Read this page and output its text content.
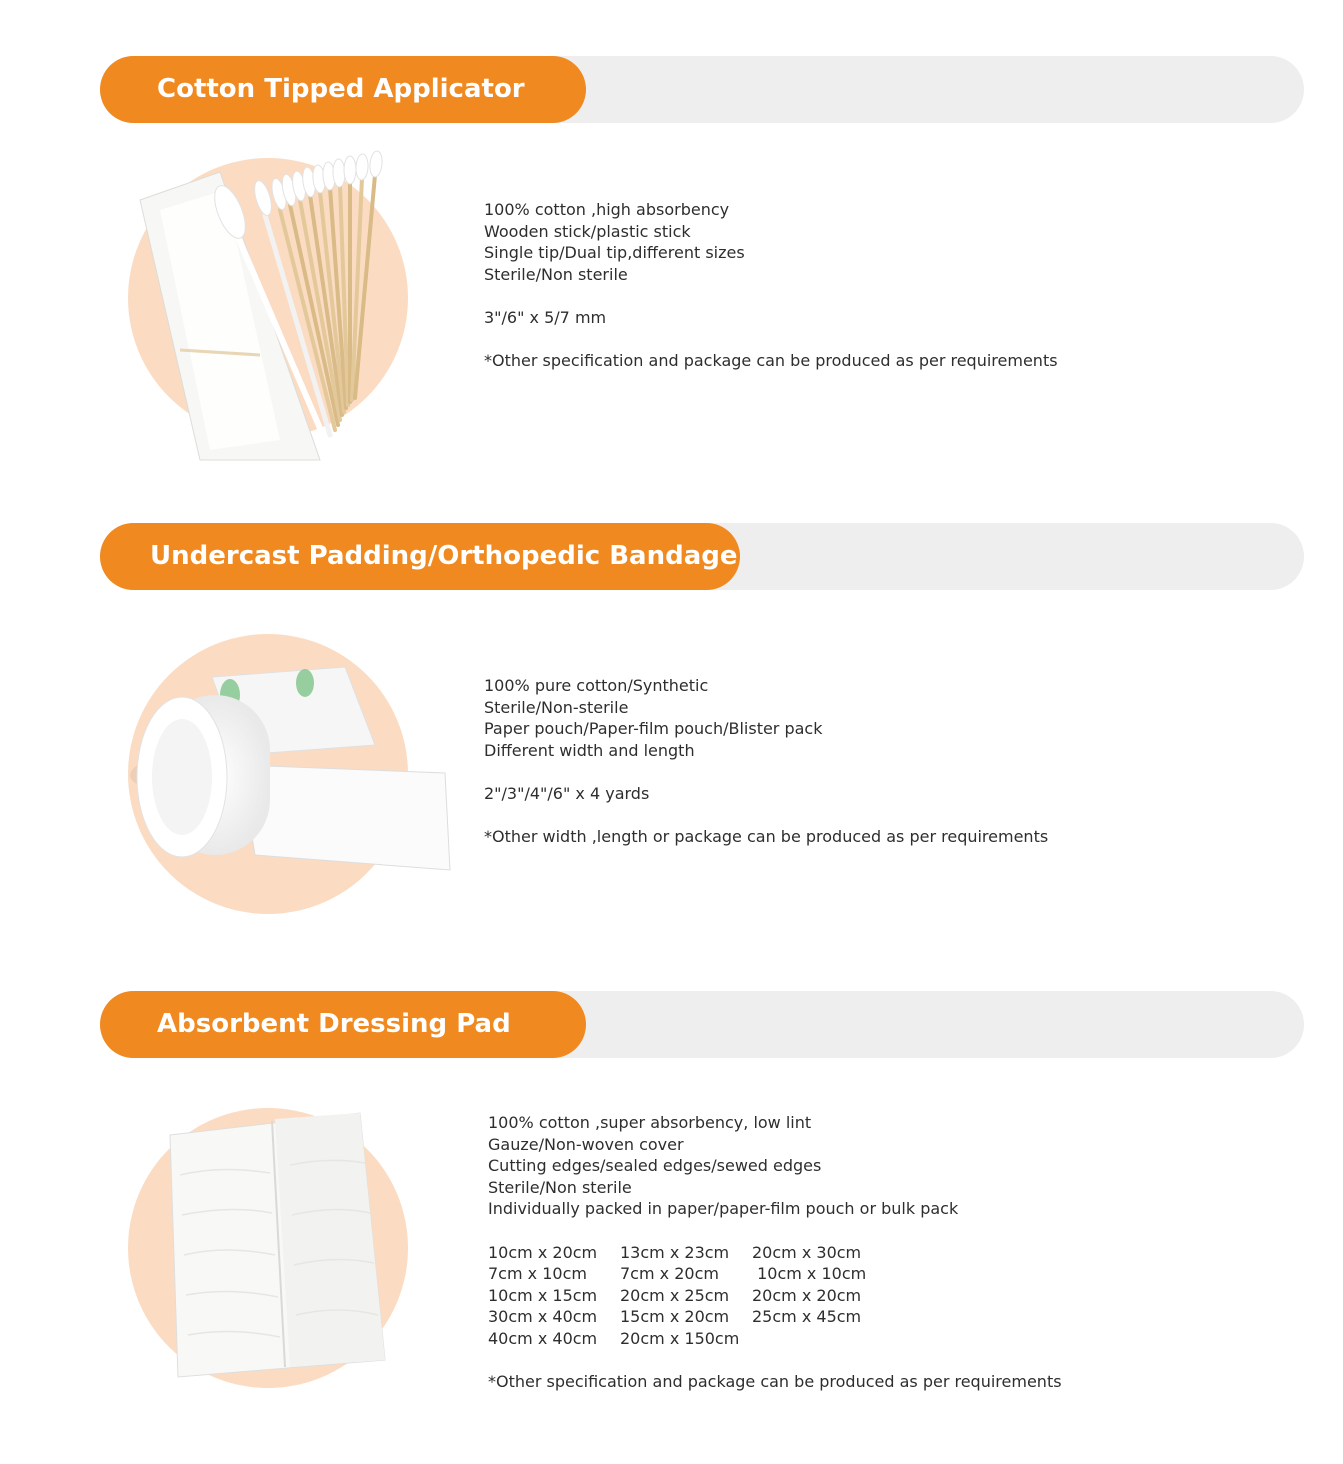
Cotton Tipped Applicator

100% cotton ,high absorbency

Wooden stick/plastic stick

Single tip/Dual tip,different sizes

Sterile/Non sterile

3"/6" x 5/7 mm

*Other specification and package can be produced as per requirements

Undercast Padding/Orthopedic Bandage

100% pure cotton/Synthetic

Sterile/Non-sterile

Paper pouch/Paper-film pouch/Blister pack

Different width and length

2"/3"/4"/6" x 4 yards

*Other width ,length or package can be produced as per requirements

Absorbent Dressing Pad

100% cotton ,super absorbency, low lint

Gauze/Non-woven cover

Cutting edges/sealed edges/sewed edges

Sterile/Non sterile

Individually packed in paper/paper-film pouch or bulk pack

10cm x 20cm	13cm x 23cm	20cm x 30cm
7cm x 10cm	7cm x 20cm	10cm x 10cm
10cm x 15cm	20cm x 25cm	20cm x 20cm
30cm x 40cm	15cm x 20cm	25cm x 45cm
40cm x 40cm	20cm x 150cm

*Other specification and package can be produced as per requirements
